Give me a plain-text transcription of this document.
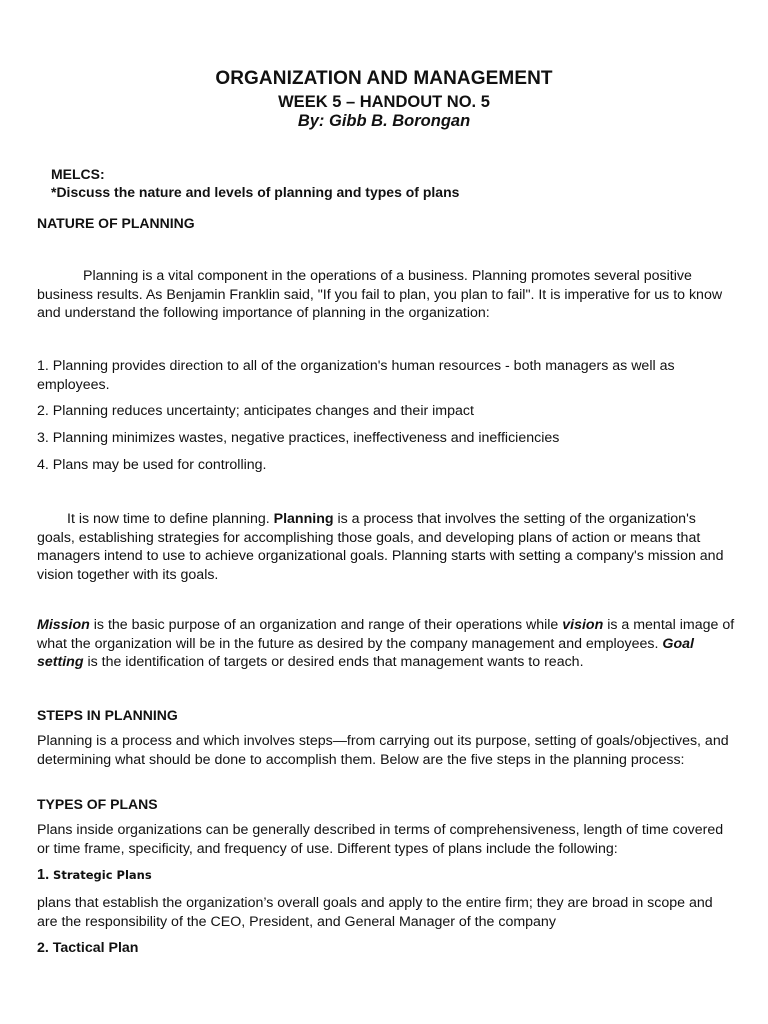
ORGANIZATION AND MANAGEMENT
WEEK 5 – HANDOUT NO. 5
By: Gibb B. Borongan
MELCS:
*Discuss the nature and levels of planning and types of plans
NATURE OF PLANNING
Planning is a vital component in the operations of a business. Planning promotes several positive business results. As Benjamin Franklin said, "If you fail to plan, you plan to fail". It is imperative for us to know and understand the following importance of planning in the organization:
1. Planning provides direction to all of the organization's human resources - both managers as well as employees.
2. Planning reduces uncertainty; anticipates changes and their impact
3. Planning minimizes wastes, negative practices, ineffectiveness and inefficiencies
4. Plans may be used for controlling.
It is now time to define planning. Planning is a process that involves the setting of the organization's goals, establishing strategies for accomplishing those goals, and developing plans of action or means that managers intend to use to achieve organizational goals. Planning starts with setting a company's mission and vision together with its goals.
Mission is the basic purpose of an organization and range of their operations while vision is a mental image of what the organization will be in the future as desired by the company management and employees. Goal setting is the identification of targets or desired ends that management wants to reach.
STEPS IN PLANNING
Planning is a process and which involves steps—from carrying out its purpose, setting of goals/objectives, and determining what should be done to accomplish them. Below are the five steps in the planning process:
TYPES OF PLANS
Plans inside organizations can be generally described in terms of comprehensiveness, length of time covered or time frame, specificity, and frequency of use. Different types of plans include the following:
1. Strategic Plans
plans that establish the organization’s overall goals and apply to the entire firm; they are broad in scope and are the responsibility of the CEO, President, and General Manager of the company
2. Tactical Plan
